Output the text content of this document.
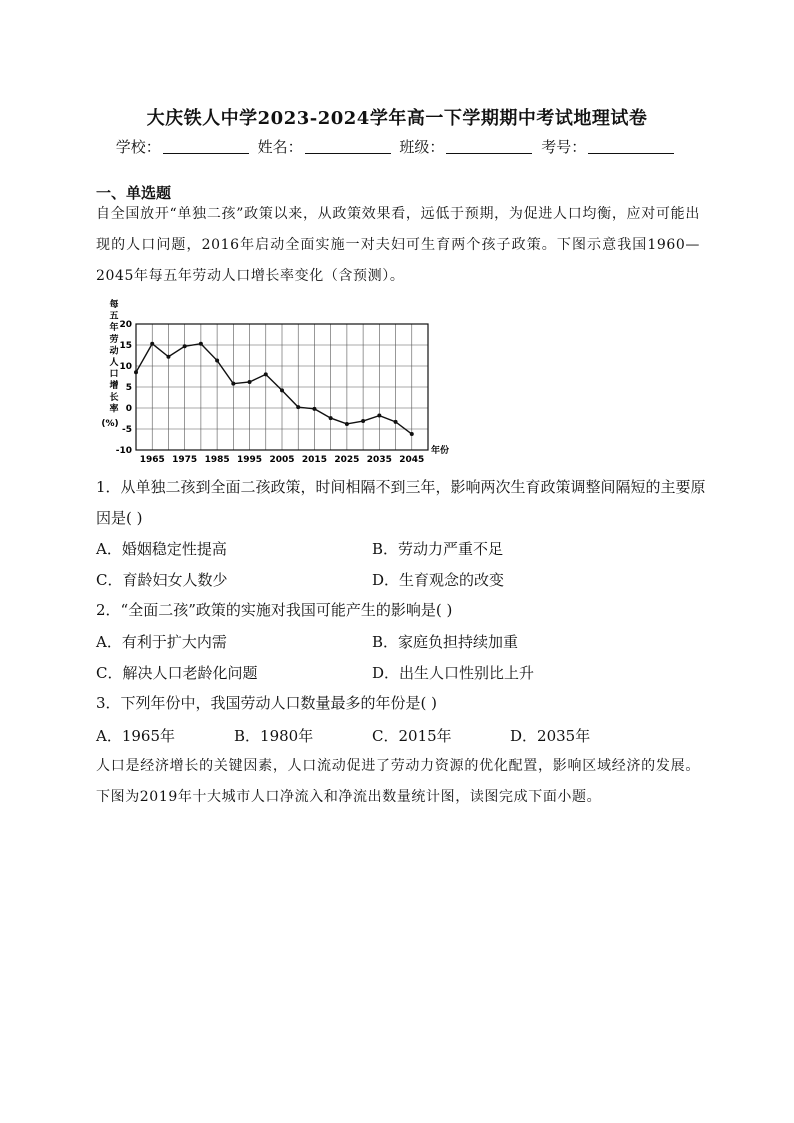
大庆铁人中学2023-2024学年高一下学期期中考试地理试卷
学校：	姓名：	班级：	考号：
一、单选题
自全国放开“单独二孩”政策以来，从政策效果看，远低于预期，为促进人口均衡，应对可能出现的人口问题，2016年启动全面实施一对夫妇可生育两个孩子政策。下图示意我国1960—2045年每五年劳动人口增长率变化（含预测）。
每
五
年
劳
动
人
口
增
长
率
(%)
20
15
10
5
0
-5
-10
1965 1975 1985 1995 2005 2015 2025 2035 2045
年份
1．从单独二孩到全面二孩政策，时间相隔不到三年，影响两次生育政策调整间隔短的主要原因是( )
A．婚姻稳定性提高	B．劳动力严重不足
C．育龄妇女人数少	D．生育观念的改变
2．“全面二孩”政策的实施对我国可能产生的影响是( )
A．有利于扩大内需	B．家庭负担持续加重
C．解决人口老龄化问题	D．出生人口性别比上升
3．下列年份中，我国劳动人口数量最多的年份是( )
A．1965年	B．1980年	C．2015年	D．2035年
人口是经济增长的关键因素，人口流动促进了劳动力资源的优化配置，影响区域经济的发展。下图为2019年十大城市人口净流入和净流出数量统计图，读图完成下面小题。
